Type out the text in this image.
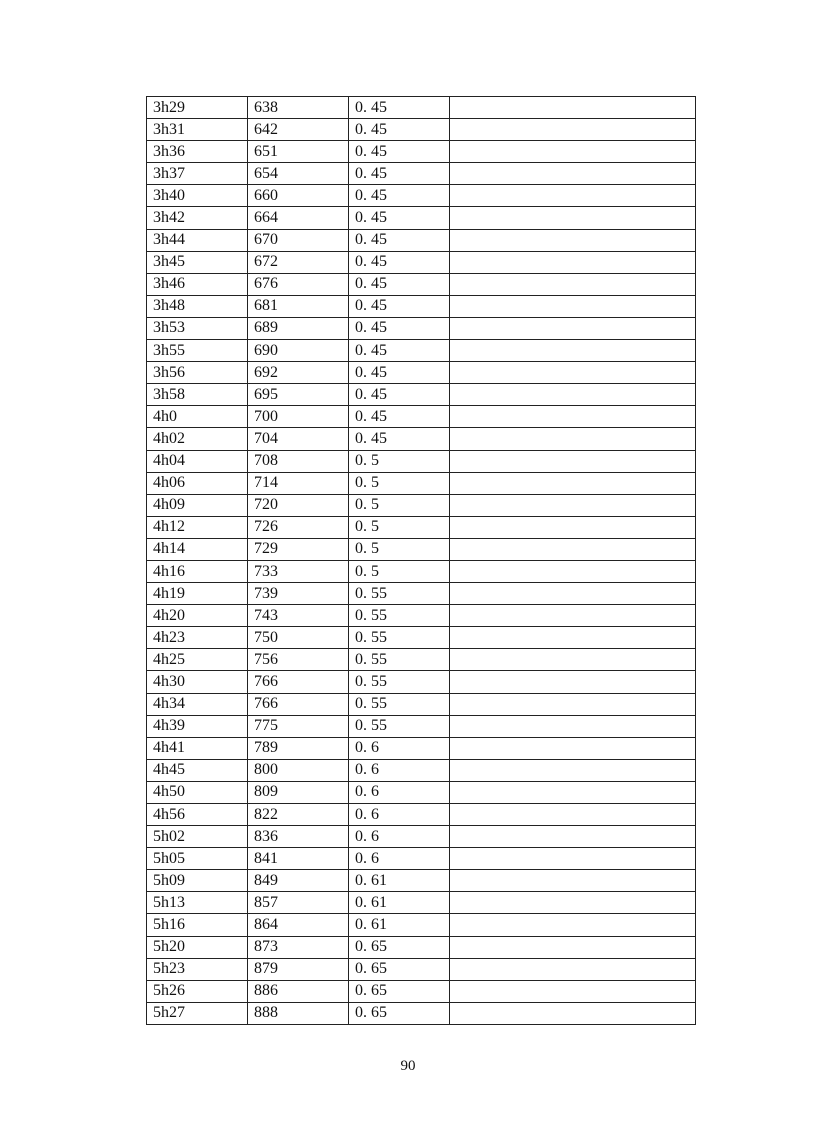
3h29	638	0. 45	
3h31	642	0. 45	
3h36	651	0. 45	
3h37	654	0. 45	
3h40	660	0. 45	
3h42	664	0. 45	
3h44	670	0. 45	
3h45	672	0. 45	
3h46	676	0. 45	
3h48	681	0. 45	
3h53	689	0. 45	
3h55	690	0. 45	
3h56	692	0. 45	
3h58	695	0. 45	
4h0	700	0. 45	
4h02	704	0. 45	
4h04	708	0. 5	
4h06	714	0. 5	
4h09	720	0. 5	
4h12	726	0. 5	
4h14	729	0. 5	
4h16	733	0. 5	
4h19	739	0. 55	
4h20	743	0. 55	
4h23	750	0. 55	
4h25	756	0. 55	
4h30	766	0. 55	
4h34	766	0. 55	
4h39	775	0. 55	
4h41	789	0. 6	
4h45	800	0. 6	
4h50	809	0. 6	
4h56	822	0. 6	
5h02	836	0. 6	
5h05	841	0. 6	
5h09	849	0. 61	
5h13	857	0. 61	
5h16	864	0. 61	
5h20	873	0. 65	
5h23	879	0. 65	
5h26	886	0. 65	
5h27	888	0. 65	
90
